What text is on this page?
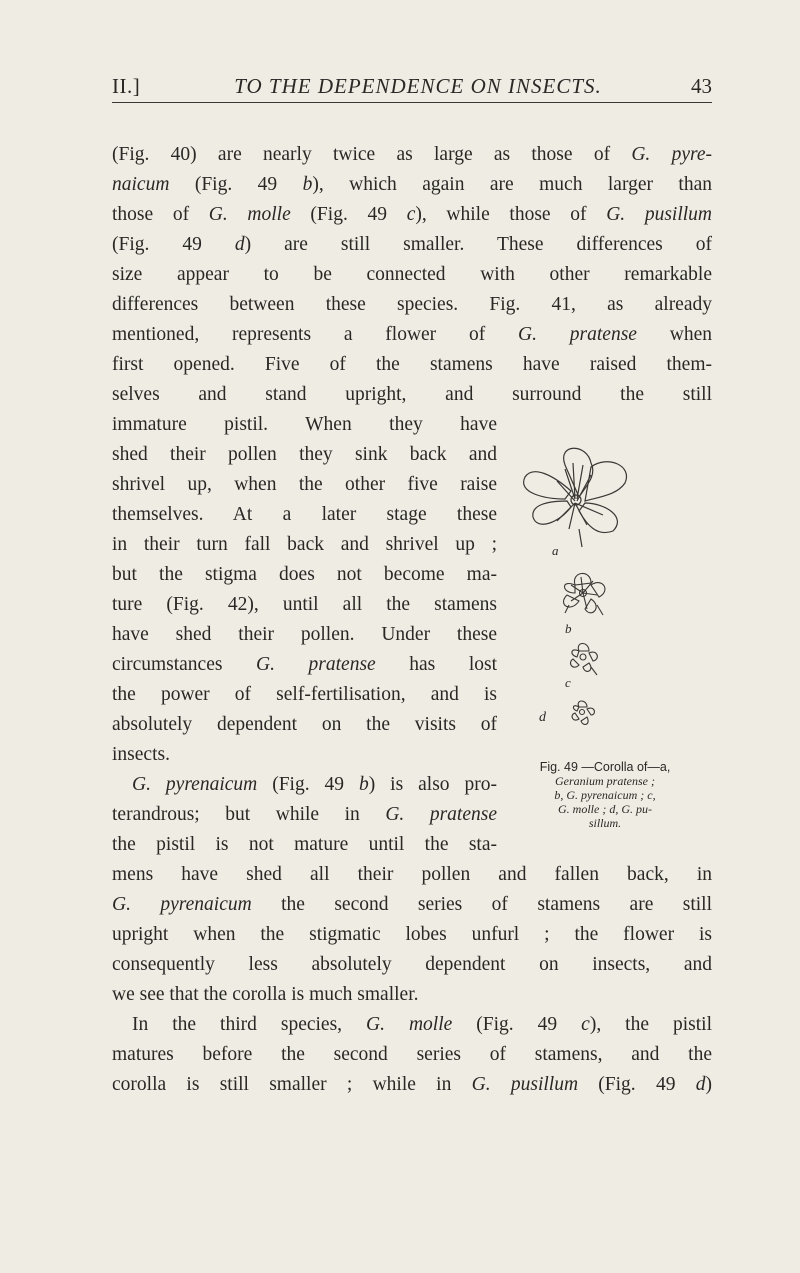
II.]	TO THE DEPENDENCE ON INSECTS.	43
(Fig. 40) are nearly twice as large as those of G. pyre-
naicum (Fig. 49 b), which again are much larger than
those of G. molle (Fig. 49 c), while those of G. pusillum
(Fig. 49 d) are still smaller. These differences of
size appear to be connected with other remarkable
differences between these species. Fig. 41, as already
mentioned, represents a flower of G. pratense when
first opened. Five of the stamens have raised them-
selves and stand upright, and surround the still
immature pistil. When they have
shed their pollen they sink back and
shrivel up, when the other five raise
themselves. At a later stage these
in their turn fall back and shrivel up ;
but the stigma does not become ma-
ture (Fig. 42), until all the stamens
have shed their pollen. Under these
circumstances G. pratense has lost
the power of self-fertilisation, and is
absolutely dependent on the visits of
insects.
G. pyrenaicum (Fig. 49 b) is also pro-
terandrous; but while in G. pratense
the pistil is not mature until the sta-
mens have shed all their pollen and fallen back, in
G. pyrenaicum the second series of stamens are still
upright when the stigmatic lobes unfurl ; the flower is
consequently less absolutely dependent on insects, and
we see that the corolla is much smaller.
In the third species, G. molle (Fig. 49 c), the pistil
matures before the second series of stamens, and the
corolla is still smaller ; while in G. pusillum (Fig. 49 d)
a
b
c
d
Fig. 49 —Corolla of—a,
Geranium pratense ;
b, G. pyrenaicum ; c,
G. molle ; d, G. pu-
sillum.
